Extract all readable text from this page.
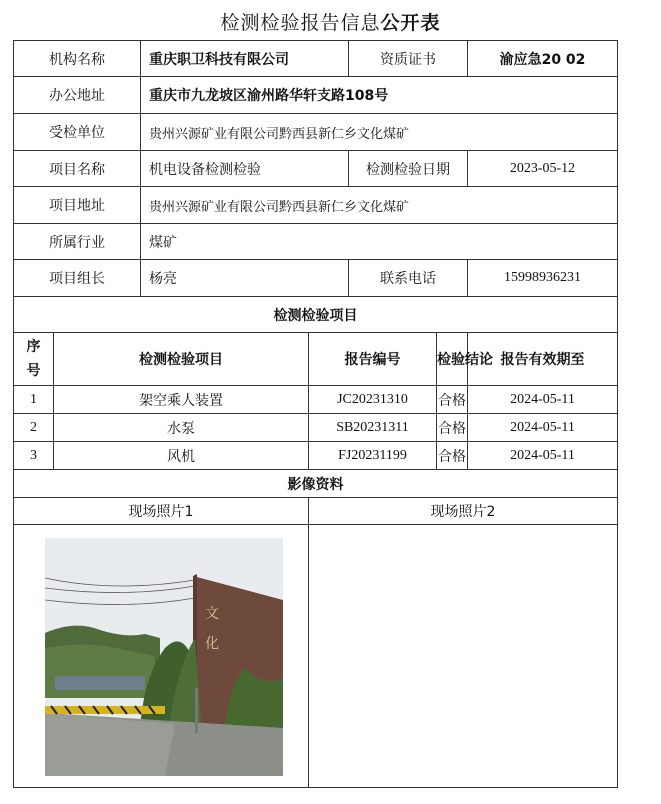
检测检验报告信息公开表
机构名称		重庆职卫科技有限公司		资质证书		渝应急20 02
办公地址		重庆市九龙坡区渝州路华轩支路108号				
受检单位		贵州兴源矿业有限公司黔西县新仁乡文化煤矿				
项目名称		机电设备检测检验		检测检验日期		2023-05-12
项目地址		贵州兴源矿业有限公司黔西县新仁乡文化煤矿				
所属行业		煤矿				
项目组长		杨亮		联系电话		15998936231
检测检验项目						
序号	检测检验项目		报告编号		检验结论	报告有效期至
1	架空乘人装置		JC20231310		合格	2024-05-11
2	水泵		SB20231311		合格	2024-05-11
3	风机		FJ20231199		合格	2024-05-11
影像资料						
现场照片1			现场照片2			

文
化
